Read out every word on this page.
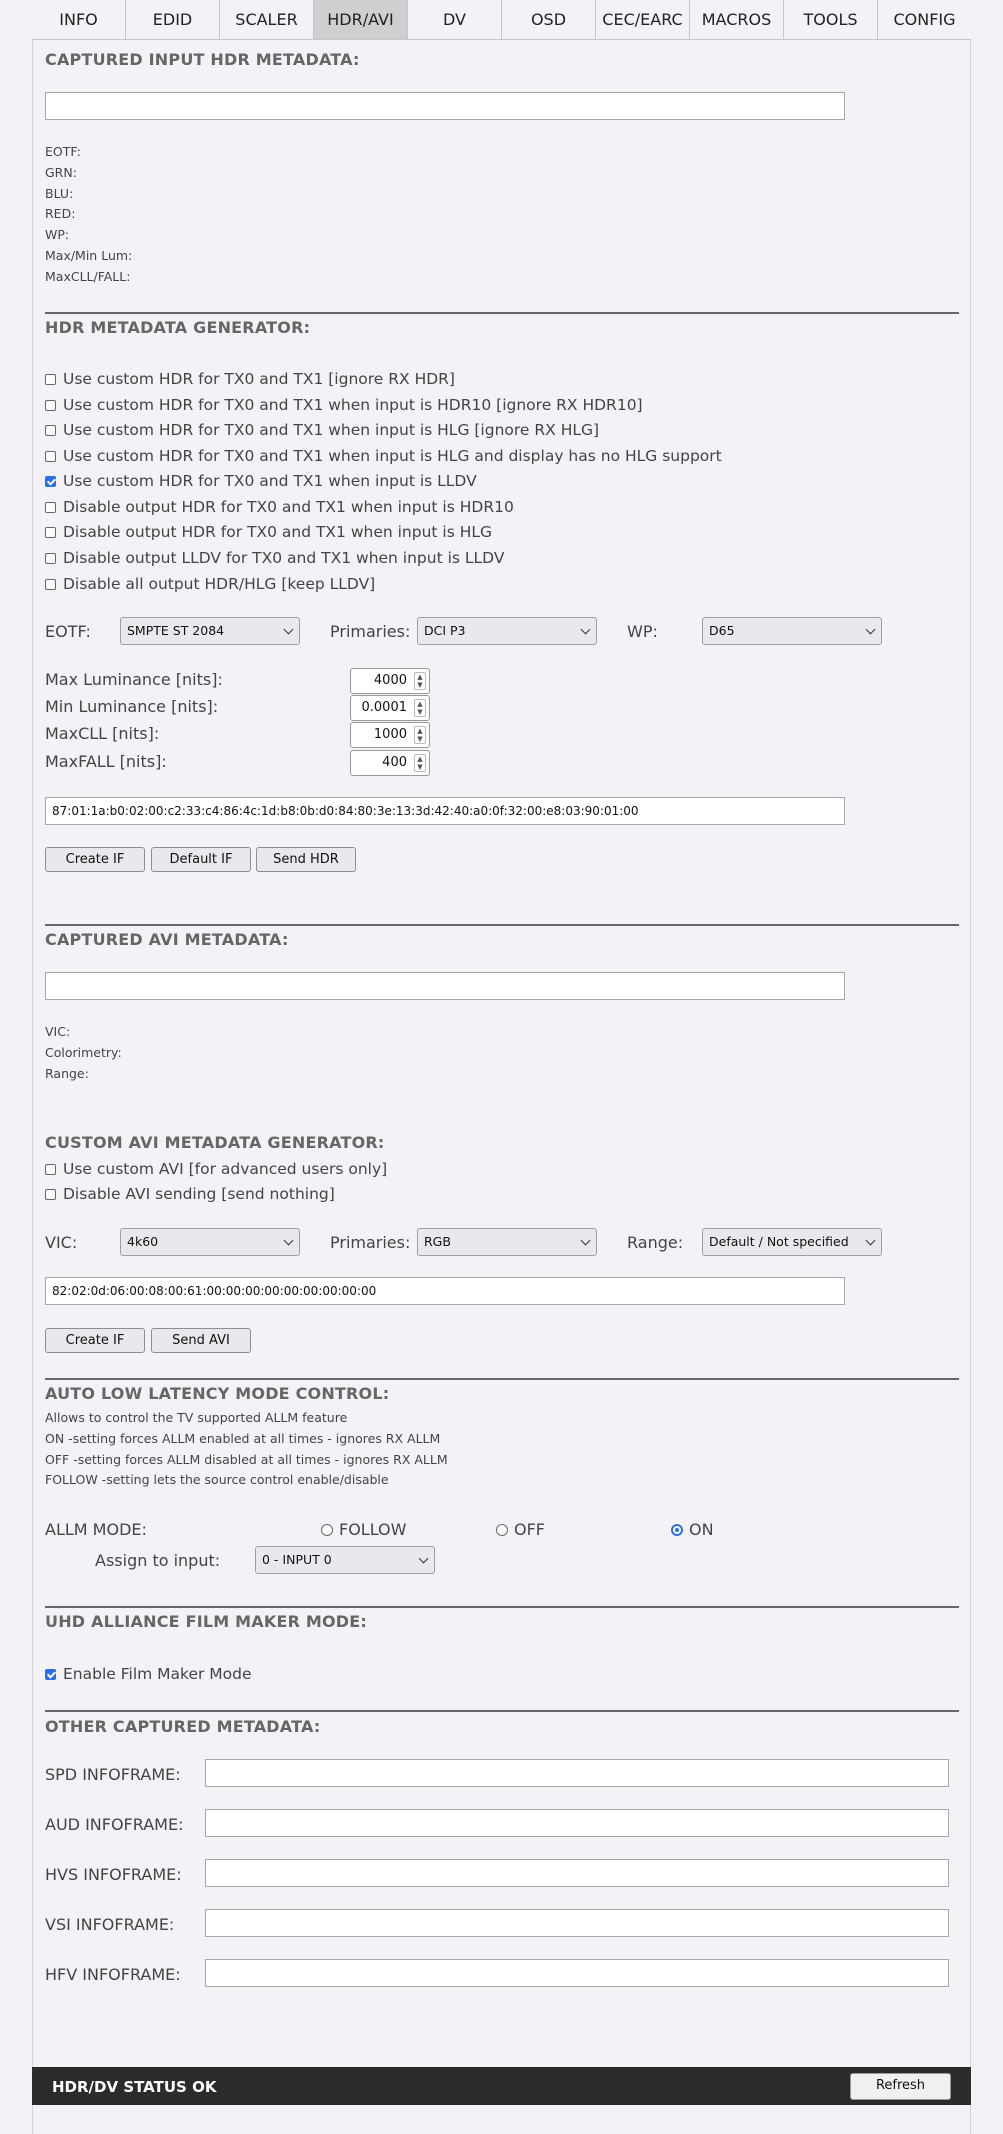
INFO	EDID	SCALER	HDR/AVI	DV	OSD	CEC/EARC	MACROS	TOOLS	CONFIG
CAPTURED INPUT HDR METADATA:
EOTF:
GRN:
BLU:
RED:
WP:
Max/Min Lum:
MaxCLL/FALL:
HDR METADATA GENERATOR:
Use custom HDR for TX0 and TX1 [ignore RX HDR]
Use custom HDR for TX0 and TX1 when input is HDR10 [ignore RX HDR10]
Use custom HDR for TX0 and TX1 when input is HLG [ignore RX HLG]
Use custom HDR for TX0 and TX1 when input is HLG and display has no HLG support
Use custom HDR for TX0 and TX1 when input is LLDV
Disable output HDR for TX0 and TX1 when input is HDR10
Disable output HDR for TX0 and TX1 when input is HLG
Disable output LLDV for TX0 and TX1 when input is LLDV
Disable all output HDR/HLG [keep LLDV]
EOTF:	SMPTE ST 2084	Primaries:	DCI P3	WP:	D65
Max Luminance [nits]:	4000	▲
▼
Min Luminance [nits]:	0.0001	▲
▼
MaxCLL [nits]:	1000	▲
▼
MaxFALL [nits]:	400	▲
▼
87:01:1a:b0:02:00:c2:33:c4:86:4c:1d:b8:0b:d0:84:80:3e:13:3d:42:40:a0:0f:32:00:e8:03:90:01:00
Create IF	Default IF	Send HDR
CAPTURED AVI METADATA:
VIC:
Colorimetry:
Range:
CUSTOM AVI METADATA GENERATOR:
Use custom AVI [for advanced users only]
Disable AVI sending [send nothing]
VIC:	4k60	Primaries:	RGB	Range:	Default / Not specified
82:02:0d:06:00:08:00:61:00:00:00:00:00:00:00:00:00
Create IF	Send AVI
AUTO LOW LATENCY MODE CONTROL:
Allows to control the TV supported ALLM feature
ON -setting forces ALLM enabled at all times - ignores RX ALLM
OFF -setting forces ALLM disabled at all times - ignores RX ALLM
FOLLOW -setting lets the source control enable/disable
ALLM MODE:	FOLLOW	OFF	ON
Assign to input:	0 - INPUT 0
UHD ALLIANCE FILM MAKER MODE:
Enable Film Maker Mode
OTHER CAPTURED METADATA:
SPD INFOFRAME:
AUD INFOFRAME:
HVS INFOFRAME:
VSI INFOFRAME:
HFV INFOFRAME:
HDR/DV STATUS OK	Refresh
